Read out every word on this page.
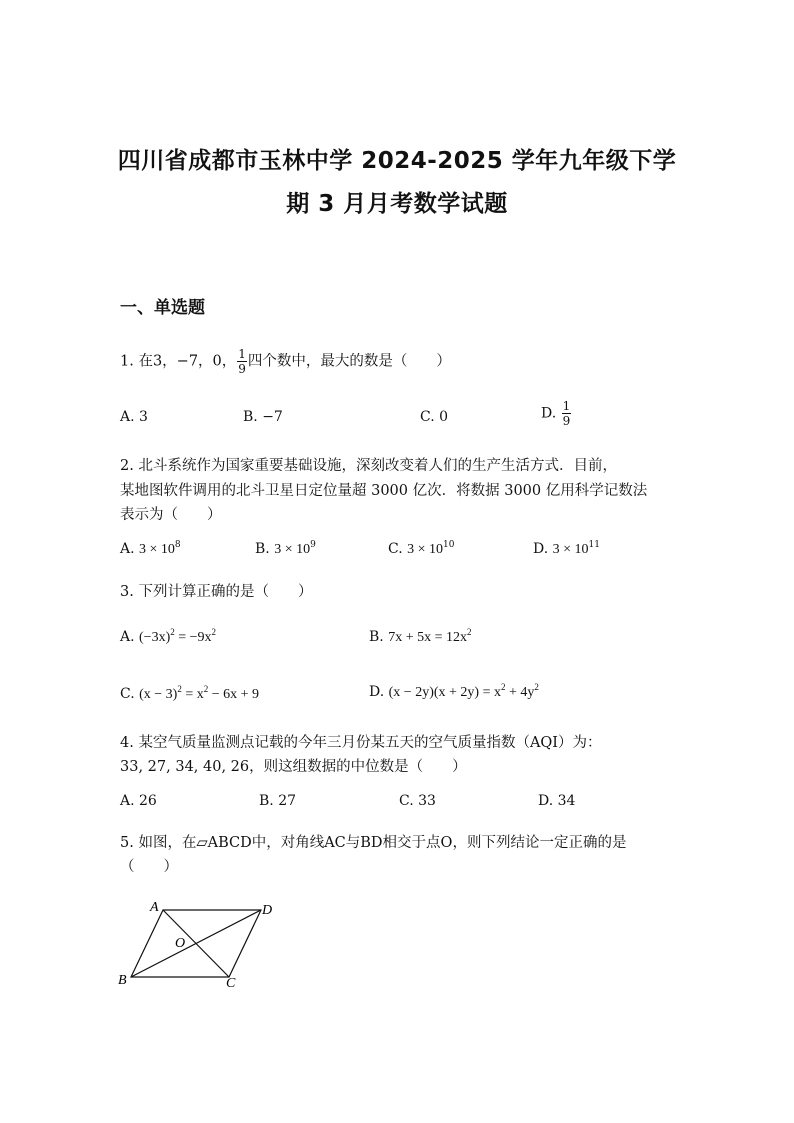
四川省成都市玉林中学 2024-2025 学年九年级下学
期 3 月月考数学试题
一、单选题
1. 在3，−7，0， $\frac{1}{9}$ 四个数中，最大的数是（　　）
A. 3	B. −7	C. 0	D. $\frac{1}{9}$
2. 北斗系统作为国家重要基础设施，深刻改变着人们的生产生活方式．目前，
某地图软件调用的北斗卫星日定位量超 3000 亿次．将数据 3000 亿用科学记数法
表示为（　　）
A. $3 \times 10^8$	B. $3 \times 10^9$	C. $3 \times 10^{10}$	D. $3 \times 10^{11}$
3. 下列计算正确的是（　　）
A. $(-3x)^2 = -9x^2$	B. $7x + 5x = 12x^2$
C. $(x - 3)^2 = x^2 - 6x + 9$	D. $(x - 2y)(x + 2y) = x^2 + 4y^2$
4. 某空气质量监测点记载的今年三月份某五天的空气质量指数（AQI）为：
33, 27, 34, 40, 26，则这组数据的中位数是（　　）
A. 26	B. 27	C. 33	D. 34
5. 如图，在▱ABCD中，对角线AC与BD相交于点O，则下列结论一定正确的是
（　　）
A	D
B	C
O
